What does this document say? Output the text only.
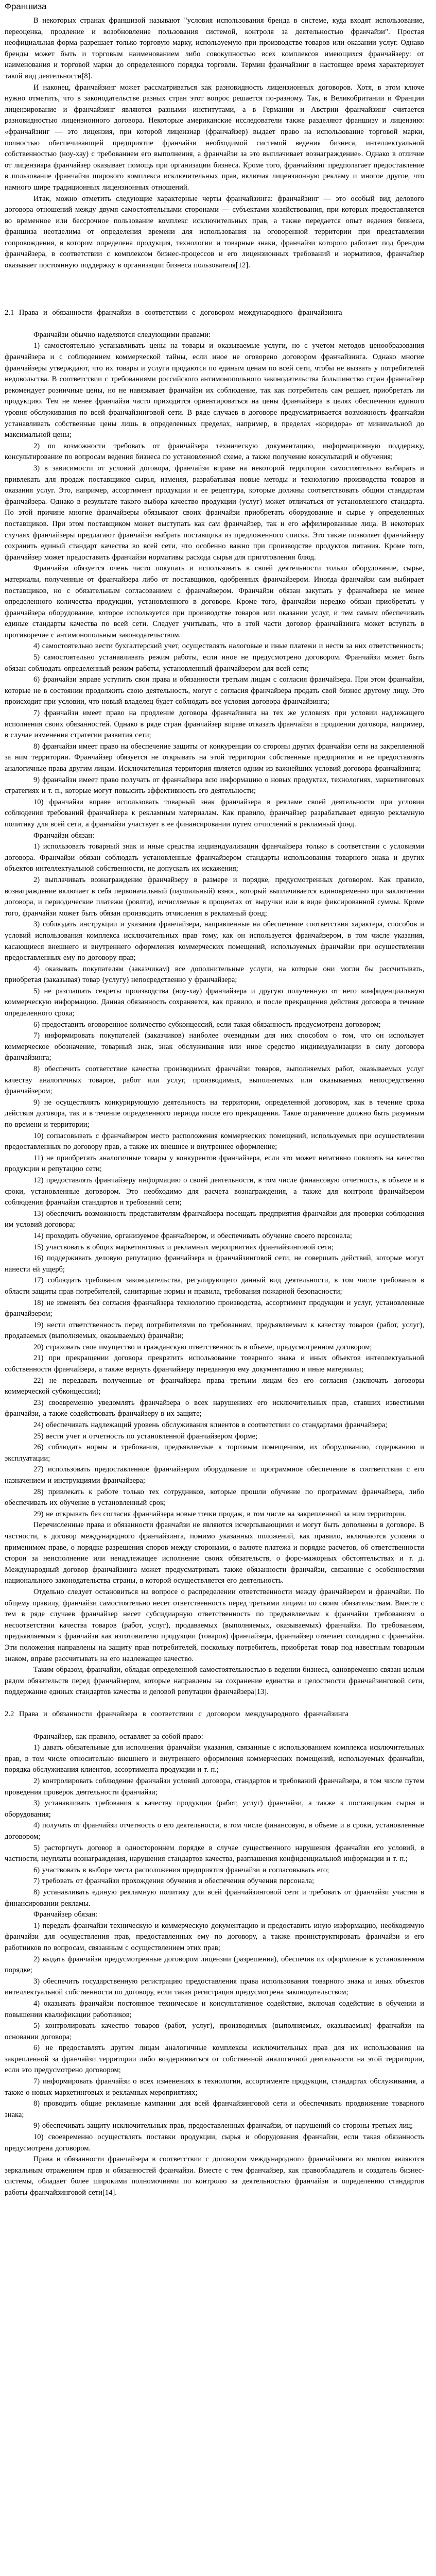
Франшиза

В некоторых странах франшизой называют "условия использования бренда в системе, куда входят использование, переоценка, продление и возобновление пользования системой, контроля за деятельностью франчайзи". Простая неофициальная форма разрешает только торговую марку, используемую при производстве товаров или оказании услуг. Однако бренды может быть и торговым наименованием либо совокупностью всех комплексов имеющихся франчайзеру: от наименования и торговой марки до определенного порядка торговли. Термин франчайзинг в настоящее время характеризует такой вид деятельности[8].

И наконец, франчайзинг может рассматриваться как разновидность лицензионных договоров. Хотя, в этом ключе нужно отметить, что в законодательстве разных стран этот вопрос решается по-разному. Так, в Великобритании и Франции лицензирование и франчайзинг являются разными институтами, а в Германии и Австрии франчайзинг считается разновидностью лицензионного договора. Некоторые американские исследователи также разделяют франшизу и лицензию: «франчайзинг — это лицензия, при которой лицензиар (франчайзер) выдает право на использование торговой марки, полностью обеспечивающей предприятие франчайзи необходимой системой ведения бизнеса, интеллектуальной собственностью (ноу-хау) с требованием его выполнения, а франчайзи за это выплачивает вознаграждение». Однако в отличие от лицензиара франчайзер оказывает помощь при организации бизнеса. Кроме того, франчайзинг предполагает предоставление в пользование франчайзи широкого комплекса исключительных прав, включая лицензионную рекламу и многое другое, что намного шире традиционных лицензионных отношений.

Итак, можно отметить следующие характерные черты франчайзинга: франчайзинг — это особый вид делового договора отношений между двумя самостоятельными сторонами — субъектами хозяйствования, при которых предоставляется во временное или бессрочное пользование комплекс исключительных прав, а также передается опыт ведения бизнеса, франшиза неотделима от определения времени для использования на оговоренной территории при представлении сопровождения, в котором определена продукция, технологии и товарные знаки, франчайзи которого работает под брендом франчайзера, в соответствии с комплексом бизнес-процессов и его лицензионных требований и нормативов, франчайзер оказывает постоянную поддержку в организации бизнеса пользователя[12].

2.1 Права и обязанности франчайзи в соответствии с договором международного франчайзинга

Франчайзи обычно наделяются следующими правами:

1) самостоятельно устанавливать цены на товары и оказываемые услуги, но с учетом методов ценообразования франчайзера и с соблюдением коммерческой тайны, если иное не оговорено договором франчайзинга. Однако многие франчайзеры утверждают, что их товары и услуги продаются по единым ценам по всей сети, чтобы не вызвать у потребителей недовольства. В соответствии с требованиями российского антимонопольного законодательства большинство стран франчайзер рекомендует розничные цены, но не навязывает франчайзи их соблюдение, так как потребитель сам решает, приобретать ли продукцию. Тем не менее франчайзи часто приходится ориентироваться на цены франчайзера в целях обеспечения единого уровня обслуживания по всей франчайзинговой сети. В ряде случаев в договоре предусматривается возможность франчайзи устанавливать собственные цены лишь в определенных пределах, например, в пределах «коридора» от минимальной до максимальной цены;

2) по возможности требовать от франчайзера техническую документацию, информационную поддержку, консультирование по вопросам ведения бизнеса по установленной схеме, а также получение консультаций и обучения;

3) в зависимости от условий договора, франчайзи вправе на некоторой территории самостоятельно выбирать и привлекать для продаж поставщиков сырья, изменяя, разрабатывая новые методы и технологию производства товаров и оказания услуг. Это, например, ассортимент продукции и ее рецептура, которые должны соответствовать общим стандартам франчайзера. Однако в результате такого выбора качество продукции (услуг) может отличаться от установленного стандарта. По этой причине многие франчайзеры обязывают своих франчайзи приобретать оборудование и сырье у определенных поставщиков. При этом поставщиком может выступать как сам франчайзер, так и его аффилированные лица. В некоторых случаях франчайзеры предлагают франчайзи выбрать поставщика из предложенного списка. Это также позволяет франчайзеру сохранить единый стандарт качества во всей сети, что особенно важно при производстве продуктов питания. Кроме того, франчайзер может предоставить франчайзи нормативы расхода сырья для приготовления блюд.

Франчайзи обязуется очень часто покупать и использовать в своей деятельности только оборудование, сырье, материалы, полученные от франчайзера либо от поставщиков, одобренных франчайзером. Иногда франчайзи сам выбирает поставщиков, но с обязательным согласованием с франчайзером. Франчайзи обязан закупать у франчайзера не менее определенного количества продукции, установленного в договоре. Кроме того, франчайзи нередко обязан приобретать у франчайзера оборудование, которое используется при производстве товаров или оказании услуг, и тем самым обеспечивать единые стандарты качества по всей сети. Следует учитывать, что в этой части договор франчайзинга может вступать в противоречие с антимонопольным законодательством.

4) самостоятельно вести бухгалтерский учет, осуществлять налоговые и иные платежи и нести за них ответственность;

5) самостоятельно устанавливать режим работы, если иное не предусмотрено договором. Франчайзи может быть обязан соблюдать определенный режим работы, установленный франчайзером для всей сети;

6) франчайзи вправе уступить свои права и обязанности третьим лицам с согласия франчайзера. При этом франчайзи, которые не в состоянии продолжить свою деятельность, могут с согласия франчайзера продать свой бизнес другому лицу. Это происходит при условии, что новый владелец будет соблюдать все условия договора франчайзинга;

7) франчайзи имеет право на продление договора франчайзинга на тех же условиях при условии надлежащего исполнения своих обязанностей. Однако в ряде стран франчайзер вправе отказать франчайзи в продлении договора, например, в случае изменения стратегии развития сети;

8) франчайзи имеет право на обеспечение защиты от конкуренции со стороны других франчайзи сети на закрепленной за ним территории. Франчайзер обязуется не открывать на этой территории собственные предприятия и не предоставлять аналогичные права другим лицам. Исключительная территория является одним из важнейших условий договора франчайзинга;

9) франчайзи имеет право получать от франчайзера всю информацию о новых продуктах, технологиях, маркетинговых стратегиях и т. п., которые могут повысить эффективность его деятельности;

10) франчайзи вправе использовать товарный знак франчайзера в рекламе своей деятельности при условии соблюдения требований франчайзера к рекламным материалам. Как правило, франчайзер разрабатывает единую рекламную политику для всей сети, а франчайзи участвует в ее финансировании путем отчислений в рекламный фонд.

Франчайзи обязан:

1) использовать товарный знак и иные средства индивидуализации франчайзера только в соответствии с условиями договора. Франчайзи обязан соблюдать установленные франчайзером стандарты использования товарного знака и других объектов интеллектуальной собственности, не допускать их искажения;

2) выплачивать вознаграждение франчайзеру в размере и порядке, предусмотренных договором. Как правило, вознаграждение включает в себя первоначальный (паушальный) взнос, который выплачивается единовременно при заключении договора, и периодические платежи (роялти), исчисляемые в процентах от выручки или в виде фиксированной суммы. Кроме того, франчайзи может быть обязан производить отчисления в рекламный фонд;

3) соблюдать инструкции и указания франчайзера, направленные на обеспечение соответствия характера, способов и условий использования комплекса исключительных прав тому, как он используется франчайзером, в том числе указания, касающиеся внешнего и внутреннего оформления коммерческих помещений, используемых франчайзи при осуществлении предоставленных ему по договору прав;

4) оказывать покупателям (заказчикам) все дополнительные услуги, на которые они могли бы рассчитывать, приобретая (заказывая) товар (услугу) непосредственно у франчайзера;

5) не разглашать секреты производства (ноу-хау) франчайзера и другую полученную от него конфиденциальную коммерческую информацию. Данная обязанность сохраняется, как правило, и после прекращения действия договора в течение определенного срока;

6) предоставить оговоренное количество субконцессий, если такая обязанность предусмотрена договором;

7) информировать покупателей (заказчиков) наиболее очевидным для них способом о том, что он использует коммерческое обозначение, товарный знак, знак обслуживания или иное средство индивидуализации в силу договора франчайзинга;

8) обеспечить соответствие качества производимых франчайзи товаров, выполняемых работ, оказываемых услуг качеству аналогичных товаров, работ или услуг, производимых, выполняемых или оказываемых непосредственно франчайзером;

9) не осуществлять конкурирующую деятельность на территории, определенной договором, как в течение срока действия договора, так и в течение определенного периода после его прекращения. Такое ограничение должно быть разумным по времени и территории;

10) согласовывать с франчайзером место расположения коммерческих помещений, используемых при осуществлении предоставленных по договору прав, а также их внешнее и внутреннее оформление;

11) не приобретать аналогичные товары у конкурентов франчайзера, если это может негативно повлиять на качество продукции и репутацию сети;

12) предоставлять франчайзеру информацию о своей деятельности, в том числе финансовую отчетность, в объеме и в сроки, установленные договором. Это необходимо для расчета вознаграждения, а также для контроля франчайзером соблюдения франчайзи стандартов и требований сети;

13) обеспечить возможность представителям франчайзера посещать предприятия франчайзи для проверки соблюдения им условий договора;

14) проходить обучение, организуемое франчайзером, и обеспечивать обучение своего персонала;

15) участвовать в общих маркетинговых и рекламных мероприятиях франчайзинговой сети;

16) поддерживать деловую репутацию франчайзера и франчайзинговой сети, не совершать действий, которые могут нанести ей ущерб;

17) соблюдать требования законодательства, регулирующего данный вид деятельности, в том числе требования в области защиты прав потребителей, санитарные нормы и правила, требования пожарной безопасности;

18) не изменять без согласия франчайзера технологию производства, ассортимент продукции и услуг, установленные франчайзером;

19) нести ответственность перед потребителями по требованиям, предъявляемым к качеству товаров (работ, услуг), продаваемых (выполняемых, оказываемых) франчайзи;

20) страховать свое имущество и гражданскую ответственность в объеме, предусмотренном договором;

21) при прекращении договора прекратить использование товарного знака и иных объектов интеллектуальной собственности франчайзера, а также вернуть франчайзеру переданную ему документацию и иные материалы;

22) не передавать полученные от франчайзера права третьим лицам без его согласия (заключать договоры коммерческой субконцессии);

23) своевременно уведомлять франчайзера о всех нарушениях его исключительных прав, ставших известными франчайзи, а также содействовать франчайзеру в их защите;

24) обеспечивать надлежащий уровень обслуживания клиентов в соответствии со стандартами франчайзера;

25) вести учет и отчетность по установленной франчайзером форме;

26) соблюдать нормы и требования, предъявляемые к торговым помещениям, их оборудованию, содержанию и эксплуатации;

27) использовать предоставленное франчайзером оборудование и программное обеспечение в соответствии с его назначением и инструкциями франчайзера;

28) привлекать к работе только тех сотрудников, которые прошли обучение по программам франчайзера, либо обеспечивать их обучение в установленный срок;

29) не открывать без согласия франчайзера новые точки продаж, в том числе на закрепленной за ним территории.

Перечисленные права и обязанности франчайзи не являются исчерпывающими и могут быть дополнены в договоре. В частности, в договор международного франчайзинга, помимо указанных положений, как правило, включаются условия о применимом праве, о порядке разрешения споров между сторонами, о валюте платежа и порядке расчетов, об ответственности сторон за неисполнение или ненадлежащее исполнение своих обязательств, о форс-мажорных обстоятельствах и т. д. Международный договор франчайзинга может предусматривать также обязанности франчайзи, связанные с особенностями национального законодательства страны, в которой осуществляется его деятельность.

Отдельно следует остановиться на вопросе о распределении ответственности между франчайзером и франчайзи. По общему правилу, франчайзи самостоятельно несет ответственность перед третьими лицами по своим обязательствам. Вместе с тем в ряде случаев франчайзер несет субсидиарную ответственность по предъявляемым к франчайзи требованиям о несоответствии качества товаров (работ, услуг), продаваемых (выполняемых, оказываемых) франчайзи. По требованиям, предъявляемым к франчайзи как изготовителю продукции (товаров) франчайзера, франчайзер отвечает солидарно с франчайзи. Эти положения направлены на защиту прав потребителей, поскольку потребитель, приобретая товар под известным товарным знаком, вправе рассчитывать на его надлежащее качество.

Таким образом, франчайзи, обладая определенной самостоятельностью в ведении бизнеса, одновременно связан целым рядом обязательств перед франчайзером, которые направлены на сохранение единства и целостности франчайзинговой сети, поддержание единых стандартов качества и деловой репутации франчайзера[13].

2.2 Права и обязанности франчайзера в соответствии с договором международного франчайзинга

Франчайзер, как правило, оставляет за собой право:

1) давать обязательные для исполнения франчайзи указания, связанные с использованием комплекса исключительных прав, в том числе относительно внешнего и внутреннего оформления коммерческих помещений, используемых франчайзи, порядка обслуживания клиентов, ассортимента продукции и т. п.;

2) контролировать соблюдение франчайзи условий договора, стандартов и требований франчайзера, в том числе путем проведения проверок деятельности франчайзи;

3) устанавливать требования к качеству продукции (работ, услуг) франчайзи, а также к поставщикам сырья и оборудования;

4) получать от франчайзи отчетность о его деятельности, в том числе финансовую, в объеме и в сроки, установленные договором;

5) расторгнуть договор в одностороннем порядке в случае существенного нарушения франчайзи его условий, в частности, неуплаты вознаграждения, нарушения стандартов качества, разглашения конфиденциальной информации и т. п.;

6) участвовать в выборе места расположения предприятия франчайзи и согласовывать его;

7) требовать от франчайзи прохождения обучения и обеспечения обучения персонала;

8) устанавливать единую рекламную политику для всей франчайзинговой сети и требовать от франчайзи участия в финансировании рекламы.

Франчайзер обязан:

1) передать франчайзи техническую и коммерческую документацию и предоставить иную информацию, необходимую франчайзи для осуществления прав, предоставленных ему по договору, а также проинструктировать франчайзи и его работников по вопросам, связанным с осуществлением этих прав;

2) выдать франчайзи предусмотренные договором лицензии (разрешения), обеспечив их оформление в установленном порядке;

3) обеспечить государственную регистрацию предоставления права использования товарного знака и иных объектов интеллектуальной собственности по договору, если такая регистрация предусмотрена законодательством;

4) оказывать франчайзи постоянное техническое и консультативное содействие, включая содействие в обучении и повышении квалификации работников;

5) контролировать качество товаров (работ, услуг), производимых (выполняемых, оказываемых) франчайзи на основании договора;

6) не предоставлять другим лицам аналогичные комплексы исключительных прав для их использования на закрепленной за франчайзи территории либо воздерживаться от собственной аналогичной деятельности на этой территории, если это предусмотрено договором;

7) информировать франчайзи о всех изменениях в технологии, ассортименте продукции, стандартах обслуживания, а также о новых маркетинговых и рекламных мероприятиях;

8) проводить общие рекламные кампании для всей франчайзинговой сети и обеспечивать продвижение товарного знака;

9) обеспечивать защиту исключительных прав, предоставленных франчайзи, от нарушений со стороны третьих лиц;

10) своевременно осуществлять поставки продукции, сырья и оборудования франчайзи, если такая обязанность предусмотрена договором.

Права и обязанности франчайзера в соответствии с договором международного франчайзинга во многом являются зеркальным отражением прав и обязанностей франчайзи. Вместе с тем франчайзер, как правообладатель и создатель бизнес-системы, обладает более широкими полномочиями по контролю за деятельностью франчайзи и определению стандартов работы франчайзинговой сети[14].
